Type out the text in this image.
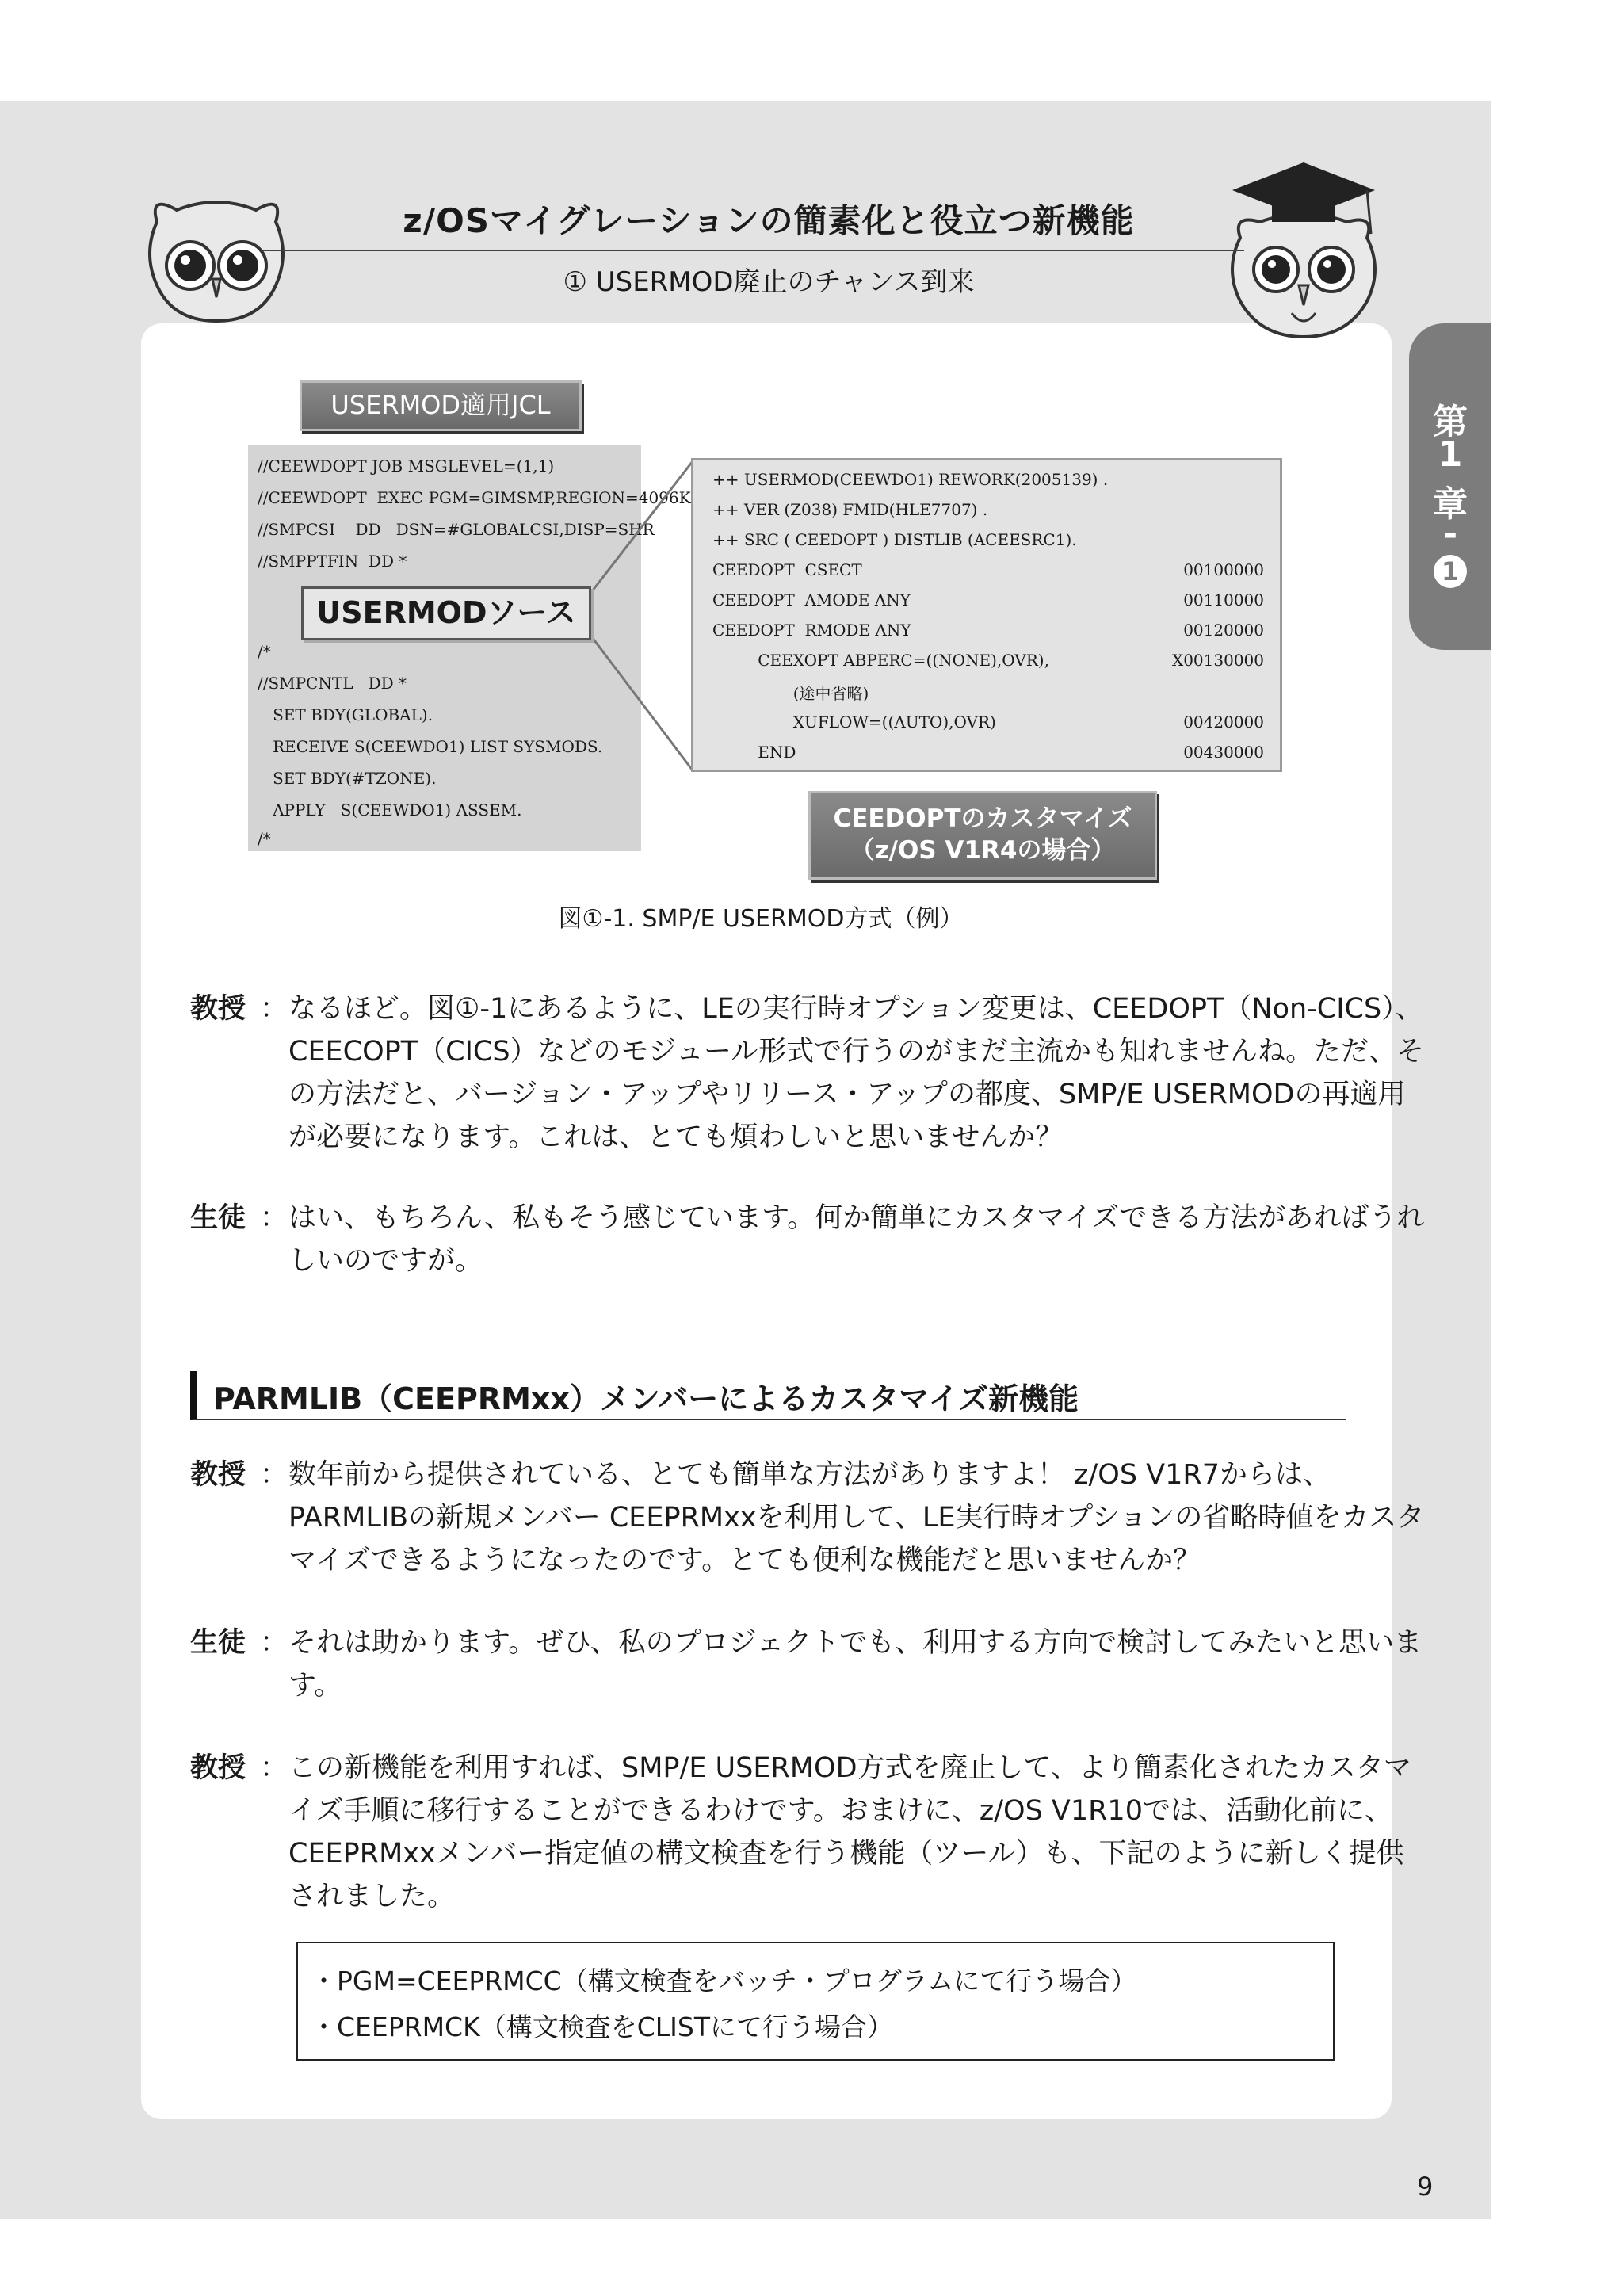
z/OSマイグレーションの簡素化と役立つ新機能
① USERMOD廃止のチャンス到来
第
1
章
-
1
USERMOD適用JCL
//CEEWDOPT JOB MSGLEVEL=(1,1)
//CEEWDOPT  EXEC PGM=GIMSMP,REGION=4096K
//SMPCSI    DD   DSN=#GLOBALCSI,DISP=SHR
//SMPPTFIN  DD *
/*
//SMPCNTL   DD *
SET BDY(GLOBAL).
RECEIVE S(CEEWDO1) LIST SYSMODS.
SET BDY(#TZONE).
APPLY   S(CEEWDO1) ASSEM.
/*
USERMODソース
++ USERMOD(CEEWDO1) REWORK(2005139) .
++ VER (Z038) FMID(HLE7707) .
++ SRC ( CEEDOPT ) DISTLIB (ACEESRC1).
CEEDOPT  CSECT	00100000
CEEDOPT  AMODE ANY	00110000
CEEDOPT  RMODE ANY	00120000
CEEXOPT ABPERC=((NONE),OVR),	X00130000
(途中省略)
XUFLOW=((AUTO),OVR)	00420000
END	00430000
CEEDOPTのカスタマイズ
（z/OS V1R4の場合）
図①-1. SMP/E USERMOD方式（例）
教授 ： なるほど。図①-1にあるように、LEの実行時オプション変更は、CEEDOPT（Non-CICS）、CEECOPT（CICS）などのモジュール形式で行うのがまだ主流かも知れませんね。ただ、その方法だと、バージョン・アップやリリース・アップの都度、SMP/E USERMODの再適用が必要になります。これは、とても煩わしいと思いませんか？
生徒 ： はい、もちろん、私もそう感じています。何か簡単にカスタマイズできる方法があればうれしいのですが。
PARMLIB（CEEPRMxx）メンバーによるカスタマイズ新機能
教授 ： 数年前から提供されている、とても簡単な方法がありますよ！ z/OS V1R7からは、PARMLIBの新規メンバー CEEPRMxxを利用して、LE実行時オプションの省略時値をカスタマイズできるようになったのです。とても便利な機能だと思いませんか？
生徒 ： それは助かります。ぜひ、私のプロジェクトでも、利用する方向で検討してみたいと思います。
教授 ： この新機能を利用すれば、SMP/E USERMOD方式を廃止して、より簡素化されたカスタマイズ手順に移行することができるわけです。おまけに、z/OS V1R10では、活動化前に、CEEPRMxxメンバー指定値の構文検査を行う機能（ツール）も、下記のように新しく提供されました。
・PGM=CEEPRMCC（構文検査をバッチ・プログラムにて行う場合）
・CEEPRMCK（構文検査をCLISTにて行う場合）
9
